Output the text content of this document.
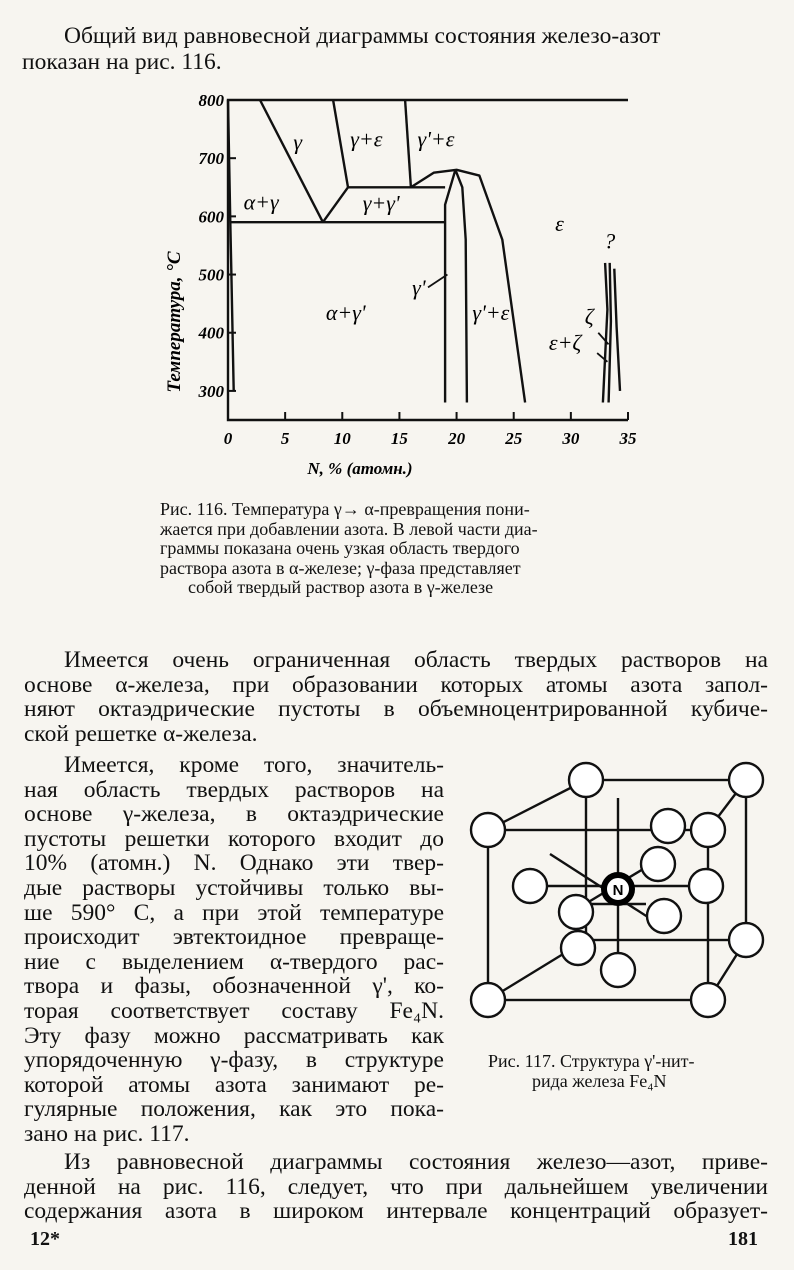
Общий вид равновесной диаграммы состояния железо-азот

показан на рис. 116.

0	5	10 15 20 25 30 35
300
400
500
600
700
800
γ γ+ε γ'+ε
α+γ	γ+γ'
ε
?
γ'
α+γ'	γ'+ε	ζ
ε+ζ
Температура, °С
N, % (атомн.)
Рис. 116. Температура γ→ α-превращения пони-
жается при добавлении азота. В левой части диа-
граммы показана очень узкая область твердого
раствора азота в α-железе; γ-фаза представляет
собой твердый раствор азота в γ-железе
Имеется очень ограниченная область твердых растворов на
основе α-железа, при образовании которых атомы азота запол-
няют октаэдрические пустоты в объемноцентрированной кубиче-
ской решетке α-железа.
Имеется, кроме того, значитель-
ная область твердых растворов на
основе γ-железа, в октаэдрические
пустоты решетки которого входит до
10% (атомн.) N. Однако эти твер-
дые растворы устойчивы только вы-
ше 590° С, а при этой температуре
происходит эвтектоидное превраще-
ние с выделением α-твердого рас-
твора и фазы, обозначенной γ', ко-
торая соответствует составу Fe₄N.
Эту фазу можно рассматривать как
упорядоченную γ-фазу, в структуре
которой атомы азота занимают ре-
гулярные положения, как это пока-
зано на рис. 117.
N
Рис. 117. Структура γ'-нит-
рида железа Fe₄N
Из равновесной диаграммы состояния железо—азот, приве-
денной на рис. 116, следует, что при дальнейшем увеличении
содержания азота в широком интервале концентраций образует-
12*	181
